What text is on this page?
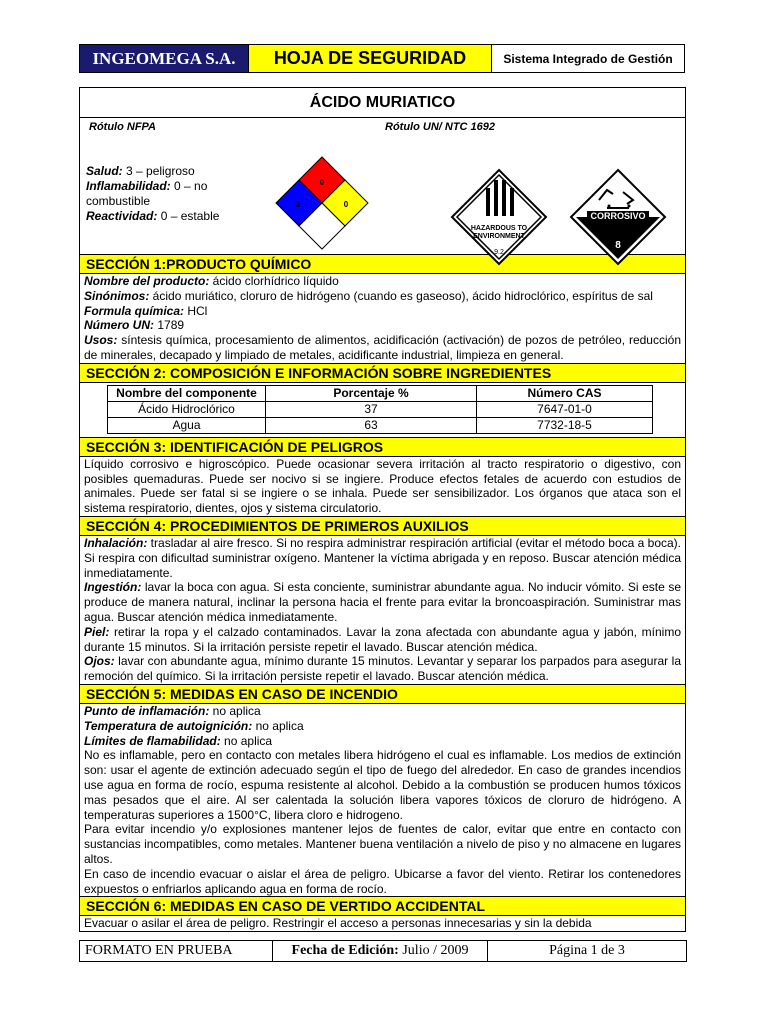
INGEOMEGA S.A.	HOJA DE SEGURIDAD	Sistema Integrado de Gestión
ÁCIDO MURIATICO
Rótulo NFPA	Rótulo UN/ NTC 1692
Salud: 3 – peligroso
Inflamabilidad: 0 – no combustible
Reactividad: 0 – estable
0
3	0
HAZARDOUS TO
ENVIRONMENT
9.2
CORROSIVO
8
SECCIÓN 1:PRODUCTO QUÍMICO
Nombre del producto: ácido clorhídrico líquido
Sinónimos: ácido muriático, cloruro de hidrógeno (cuando es gaseoso), ácido hidroclórico, espíritus de sal
Formula química: HCl
Número UN: 1789
Usos: síntesis química, procesamiento de alimentos, acidificación (activación) de pozos de petróleo, reducción de minerales, decapado y limpiado de metales, acidificante industrial, limpieza en general.
SECCIÓN 2: COMPOSICIÓN E INFORMACIÓN SOBRE INGREDIENTES
Nombre del componente	Porcentaje %	Número CAS
Ácido Hidroclórico	37	7647-01-0
Agua	63	7732-18-5
SECCIÓN 3: IDENTIFICACIÓN DE PELIGROS
Líquido corrosivo e higroscópico. Puede ocasionar severa irritación al tracto respiratorio o digestivo, con posibles quemaduras. Puede ser nocivo si se ingiere. Produce efectos fetales de acuerdo con estudios de animales. Puede ser fatal si se ingiere o se inhala. Puede ser sensibilizador. Los órganos que ataca son el sistema respiratorio, dientes, ojos y sistema circulatorio.
SECCIÓN 4: PROCEDIMIENTOS DE PRIMEROS AUXILIOS
Inhalación: trasladar al aire fresco. Si no respira administrar respiración artificial (evitar el método boca a boca). Si respira con dificultad suministrar oxígeno. Mantener la víctima abrigada y en reposo. Buscar atención médica inmediatamente.
Ingestión: lavar la boca con agua. Si esta conciente, suministrar abundante agua. No inducir vómito. Si este se produce de manera natural, inclinar la persona hacia el frente para evitar la broncoaspiración. Suministrar mas agua. Buscar atención médica inmediatamente.
Piel: retirar la ropa y el calzado contaminados. Lavar la zona afectada con abundante agua y jabón, mínimo durante 15 minutos. Si la irritación persiste repetir el lavado. Buscar atención médica.
Ojos: lavar con abundante agua, mínimo durante 15 minutos. Levantar y separar los parpados para asegurar la remoción del químico. Si la irritación persiste repetir el lavado. Buscar atención médica.
SECCIÓN 5: MEDIDAS EN CASO DE INCENDIO
Punto de inflamación: no aplica
Temperatura de autoignición: no aplica
Límites de flamabilidad: no aplica
No es inflamable, pero en contacto con metales libera hidrógeno el cual es inflamable. Los medios de extinción son: usar el agente de extinción adecuado según el tipo de fuego del alrededor. En caso de grandes incendios use agua en forma de rocío, espuma resistente al alcohol. Debido a la combustión se producen humos tóxicos mas pesados que el aire. Al ser calentada la solución libera vapores tóxicos de cloruro de hidrógeno. A temperaturas superiores a 1500°C, libera cloro e hidrogeno.
Para evitar incendio y/o explosiones mantener lejos de fuentes de calor, evitar que entre en contacto con sustancias incompatibles, como metales. Mantener buena ventilación a nivelo de piso y no almacene en lugares altos.
En caso de incendio evacuar o aislar el área de peligro. Ubicarse a favor del viento. Retirar los contenedores expuestos o enfriarlos aplicando agua en forma de rocío.
SECCIÓN 6: MEDIDAS EN CASO DE VERTIDO ACCIDENTAL
Evacuar o asilar el área de peligro. Restringir el acceso a personas innecesarias y sin la debida
FORMATO EN PRUEBA	Fecha de Edición: Julio / 2009	Página 1 de 3
